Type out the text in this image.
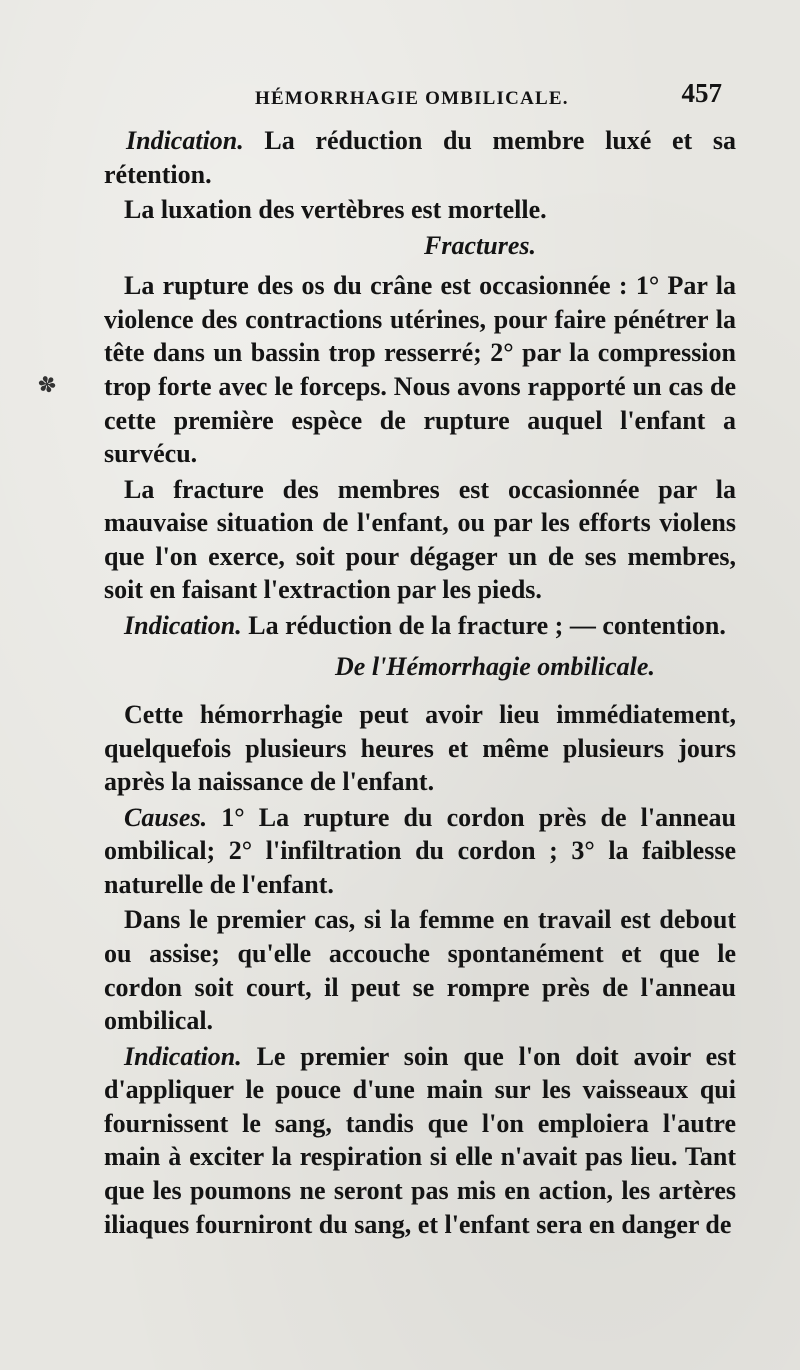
HÉMORRHAGIE OMBILICALE.	457
✽

Indication. La réduction du membre luxé et sa rétention.

La luxation des vertèbres est mortelle.

Fractures.

La rupture des os du crâne est occasionnée : 1° Par la violence des contractions utérines, pour faire pénétrer la tête dans un bassin trop resserré; 2° par la compression trop forte avec le forceps. Nous avons rapporté un cas de cette première espèce de rupture auquel l'enfant a survécu.

La fracture des membres est occasionnée par la mauvaise situation de l'enfant, ou par les efforts violens que l'on exerce, soit pour dégager un de ses membres, soit en faisant l'extraction par les pieds.

Indication. La réduction de la fracture ; — contention.

De l'Hémorrhagie ombilicale.

Cette hémorrhagie peut avoir lieu immédiatement, quelquefois plusieurs heures et même plusieurs jours après la naissance de l'enfant.

Causes. 1° La rupture du cordon près de l'anneau ombilical; 2° l'infiltration du cordon ; 3° la faiblesse naturelle de l'enfant.

Dans le premier cas, si la femme en travail est debout ou assise; qu'elle accouche spontanément et que le cordon soit court, il peut se rompre près de l'anneau ombilical.

Indication. Le premier soin que l'on doit avoir est d'appliquer le pouce d'une main sur les vaisseaux qui fournissent le sang, tandis que l'on emploiera l'autre main à exciter la respiration si elle n'avait pas lieu. Tant que les poumons ne seront pas mis en action, les artères iliaques fourniront du sang, et l'enfant sera en danger de
